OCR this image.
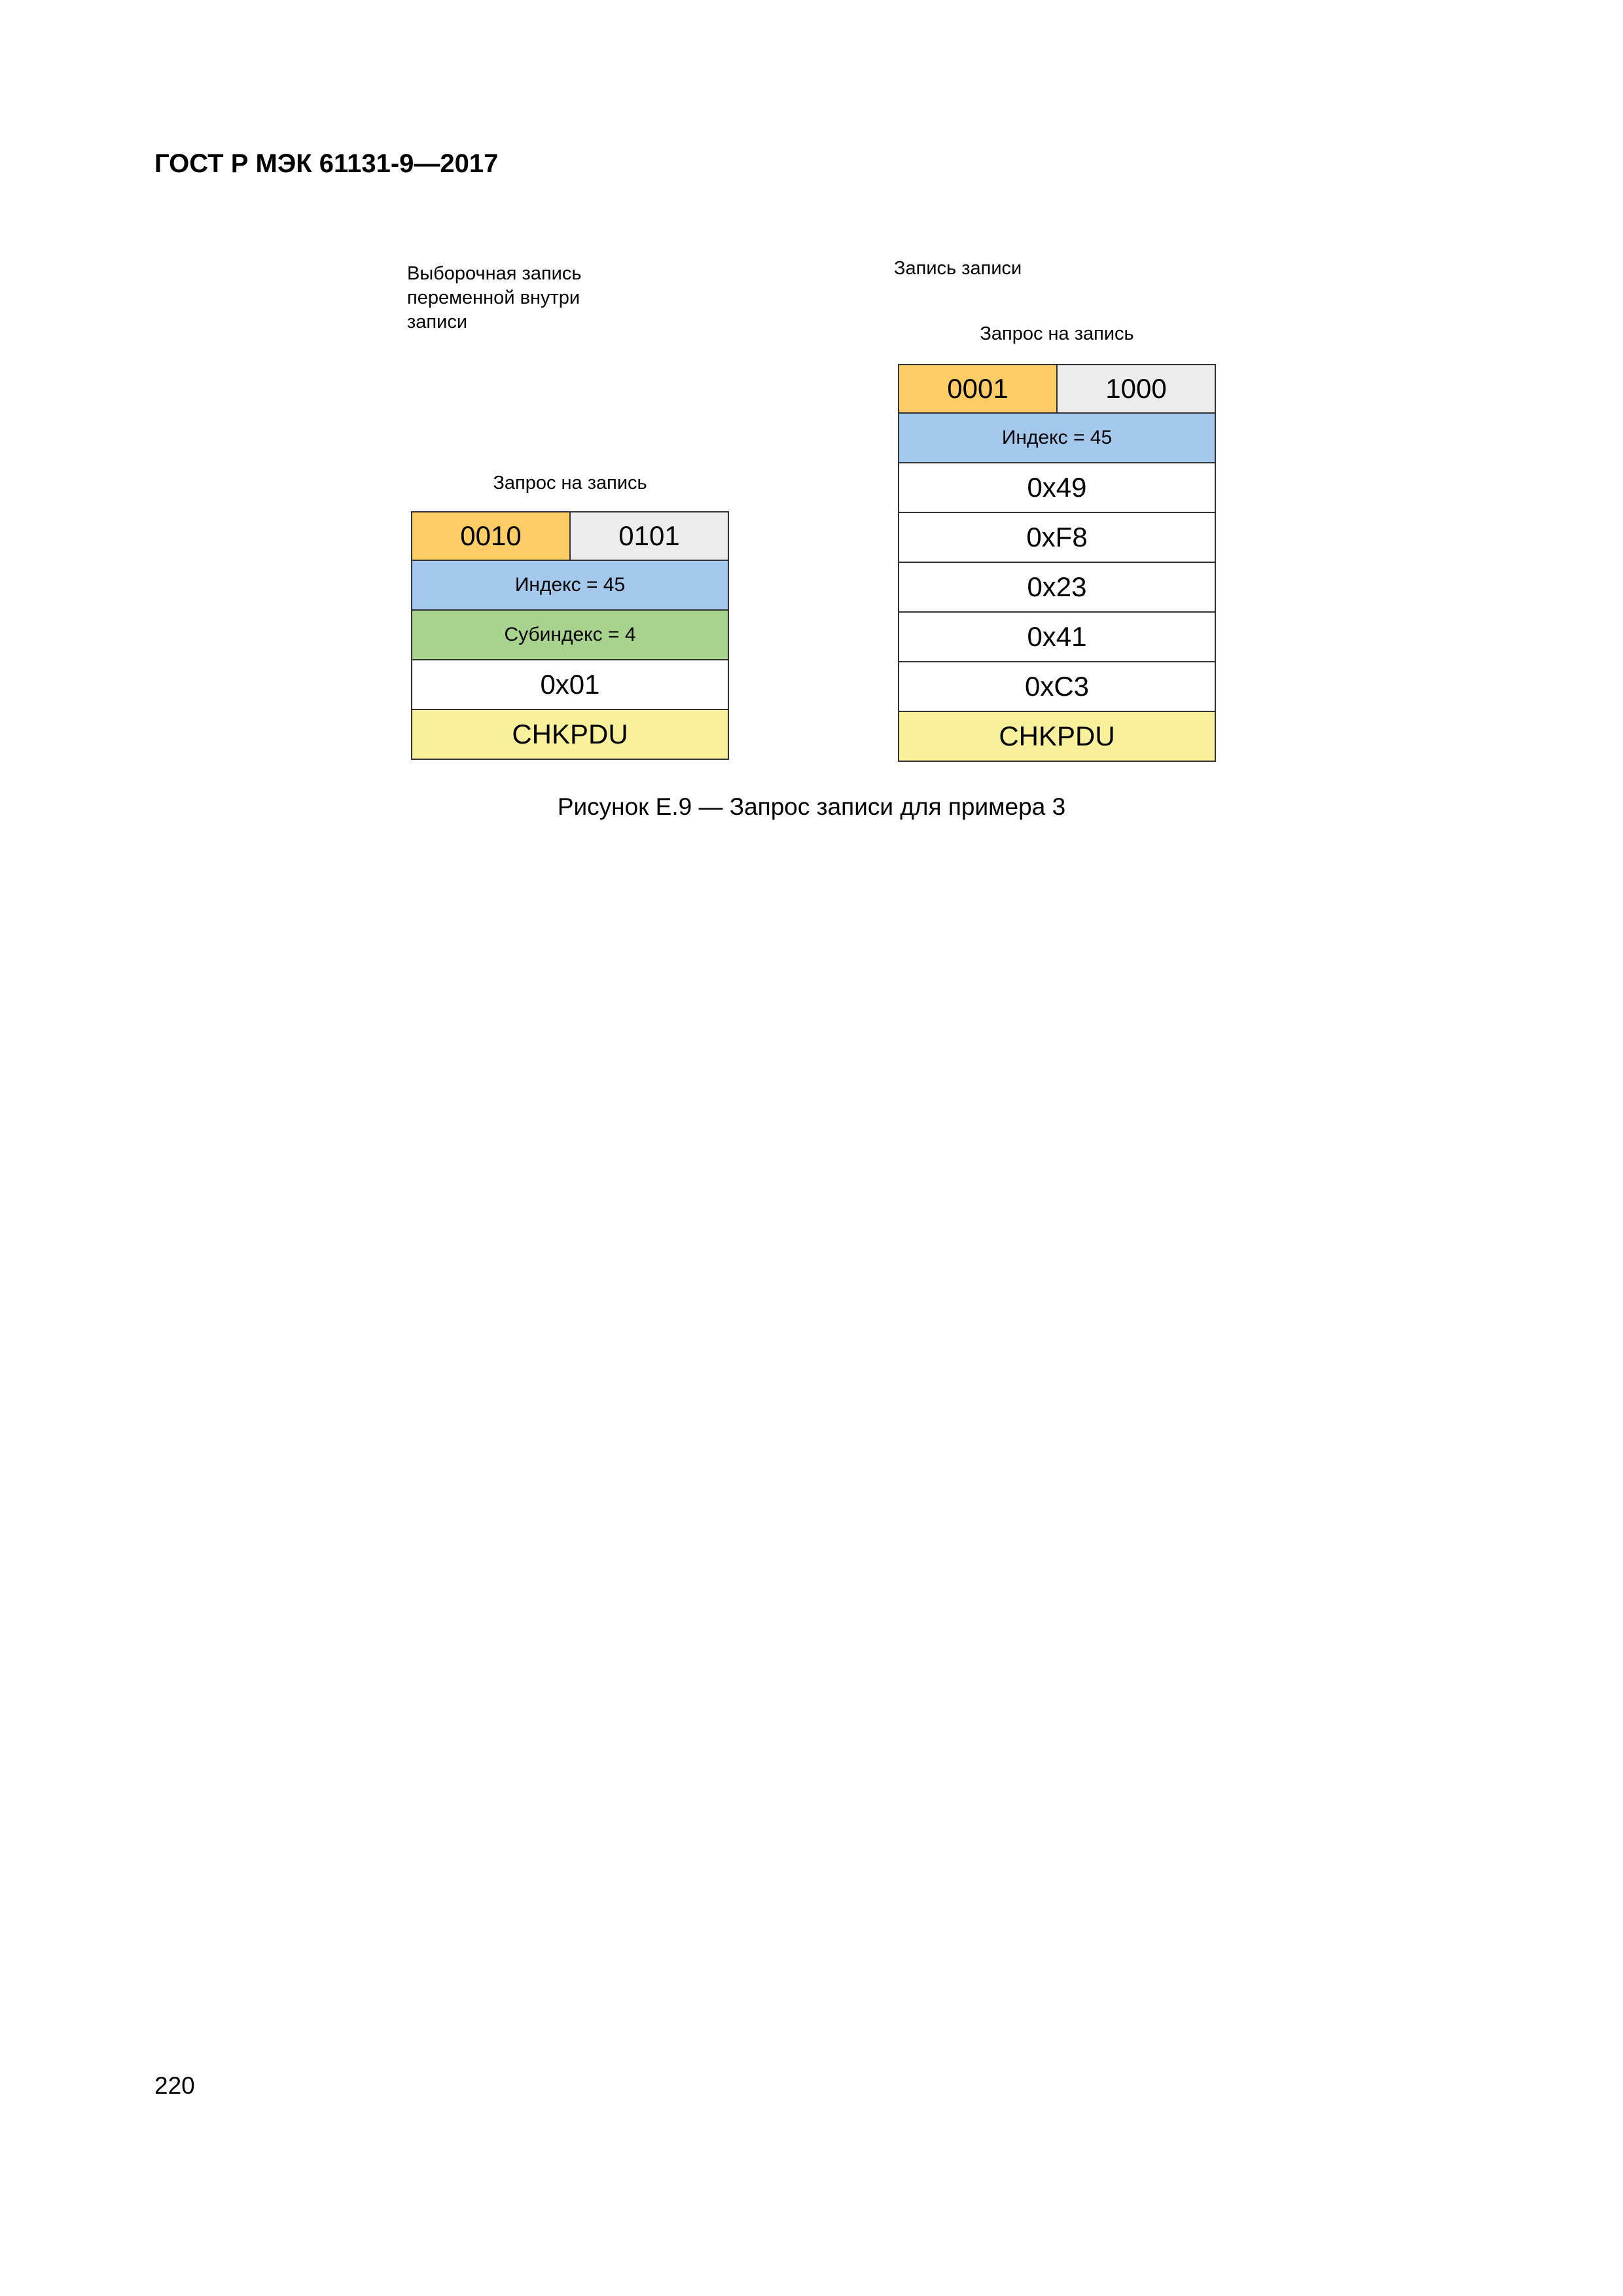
ГОСТ Р МЭК 61131-9—2017
Выборочная запись
переменной внутри
записи
Запрос на запись
0010	0101
Индекс = 45
Субиндекс = 4
0x01
CHKPDU
Запись записи
Запрос на запись
0001	1000
Индекс = 45
0x49
0xF8
0x23
0x41
0xC3
CHKPDU
Рисунок Е.9 — Запрос записи для примера 3
220
